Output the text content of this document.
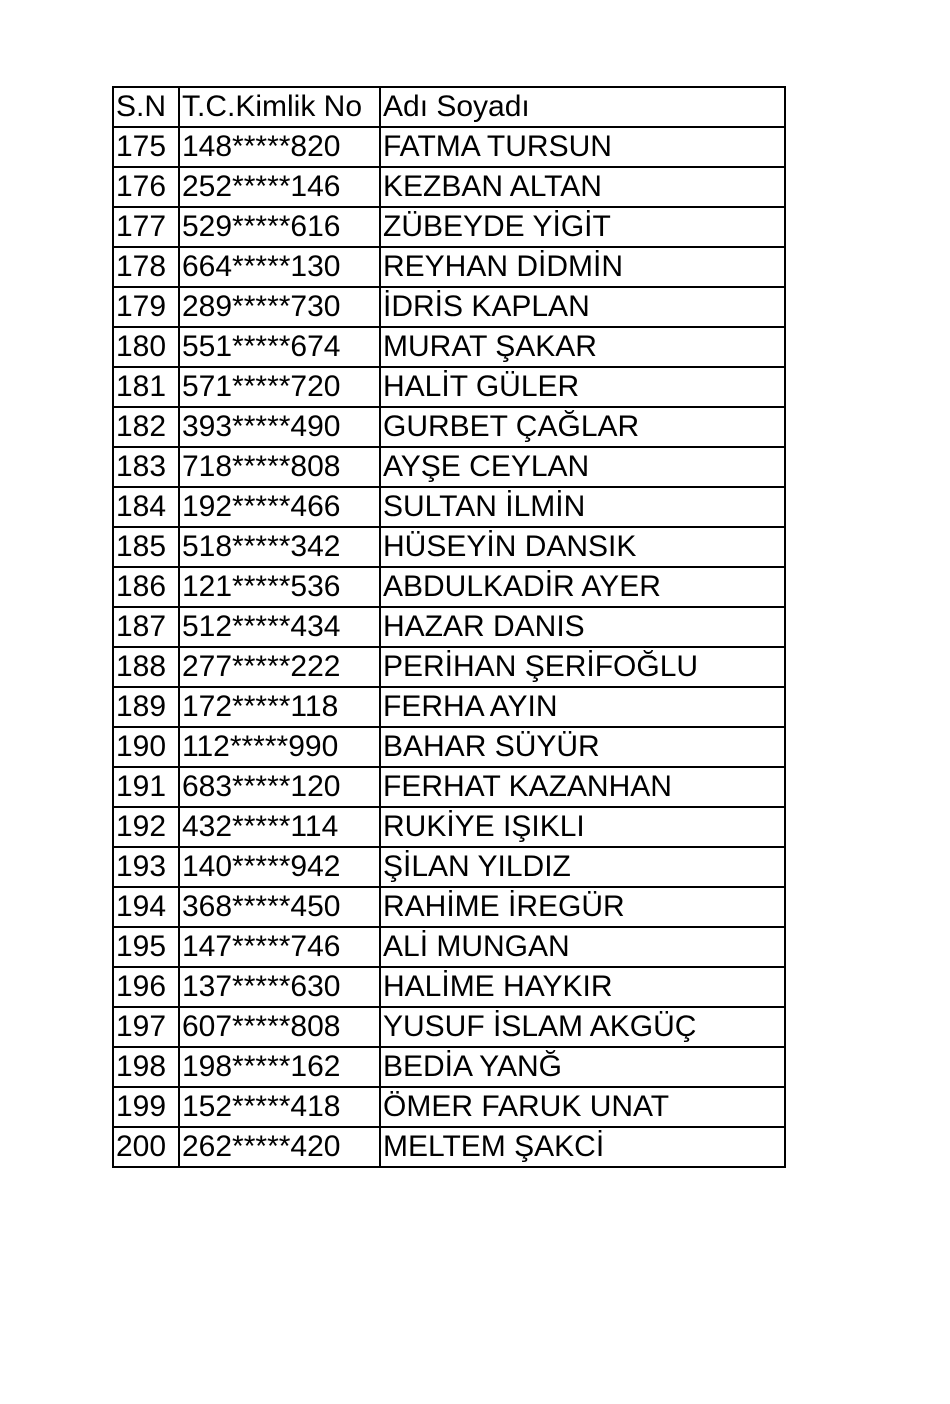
S.N	T.C.Kimlik No	Adı Soyadı
175	148*****820	FATMA TURSUN
176	252*****146	KEZBAN ALTAN
177	529*****616	ZÜBEYDE YİGİT
178	664*****130	REYHAN DİDMİN
179	289*****730	İDRİS KAPLAN
180	551*****674	MURAT ŞAKAR
181	571*****720	HALİT GÜLER
182	393*****490	GURBET ÇAĞLAR
183	718*****808	AYŞE CEYLAN
184	192*****466	SULTAN İLMİN
185	518*****342	HÜSEYİN DANSIK
186	121*****536	ABDULKADİR AYER
187	512*****434	HAZAR DANIS
188	277*****222	PERİHAN ŞERİFOĞLU
189	172*****118	FERHA AYIN
190	112*****990	BAHAR SÜYÜR
191	683*****120	FERHAT KAZANHAN
192	432*****114	RUKİYE IŞIKLI
193	140*****942	ŞİLAN YILDIZ
194	368*****450	RAHİME İREGÜR
195	147*****746	ALİ MUNGAN
196	137*****630	HALİME HAYKIR
197	607*****808	YUSUF İSLAM AKGÜÇ
198	198*****162	BEDİA YANĞ
199	152*****418	ÖMER FARUK UNAT
200	262*****420	MELTEM ŞAKCİ
